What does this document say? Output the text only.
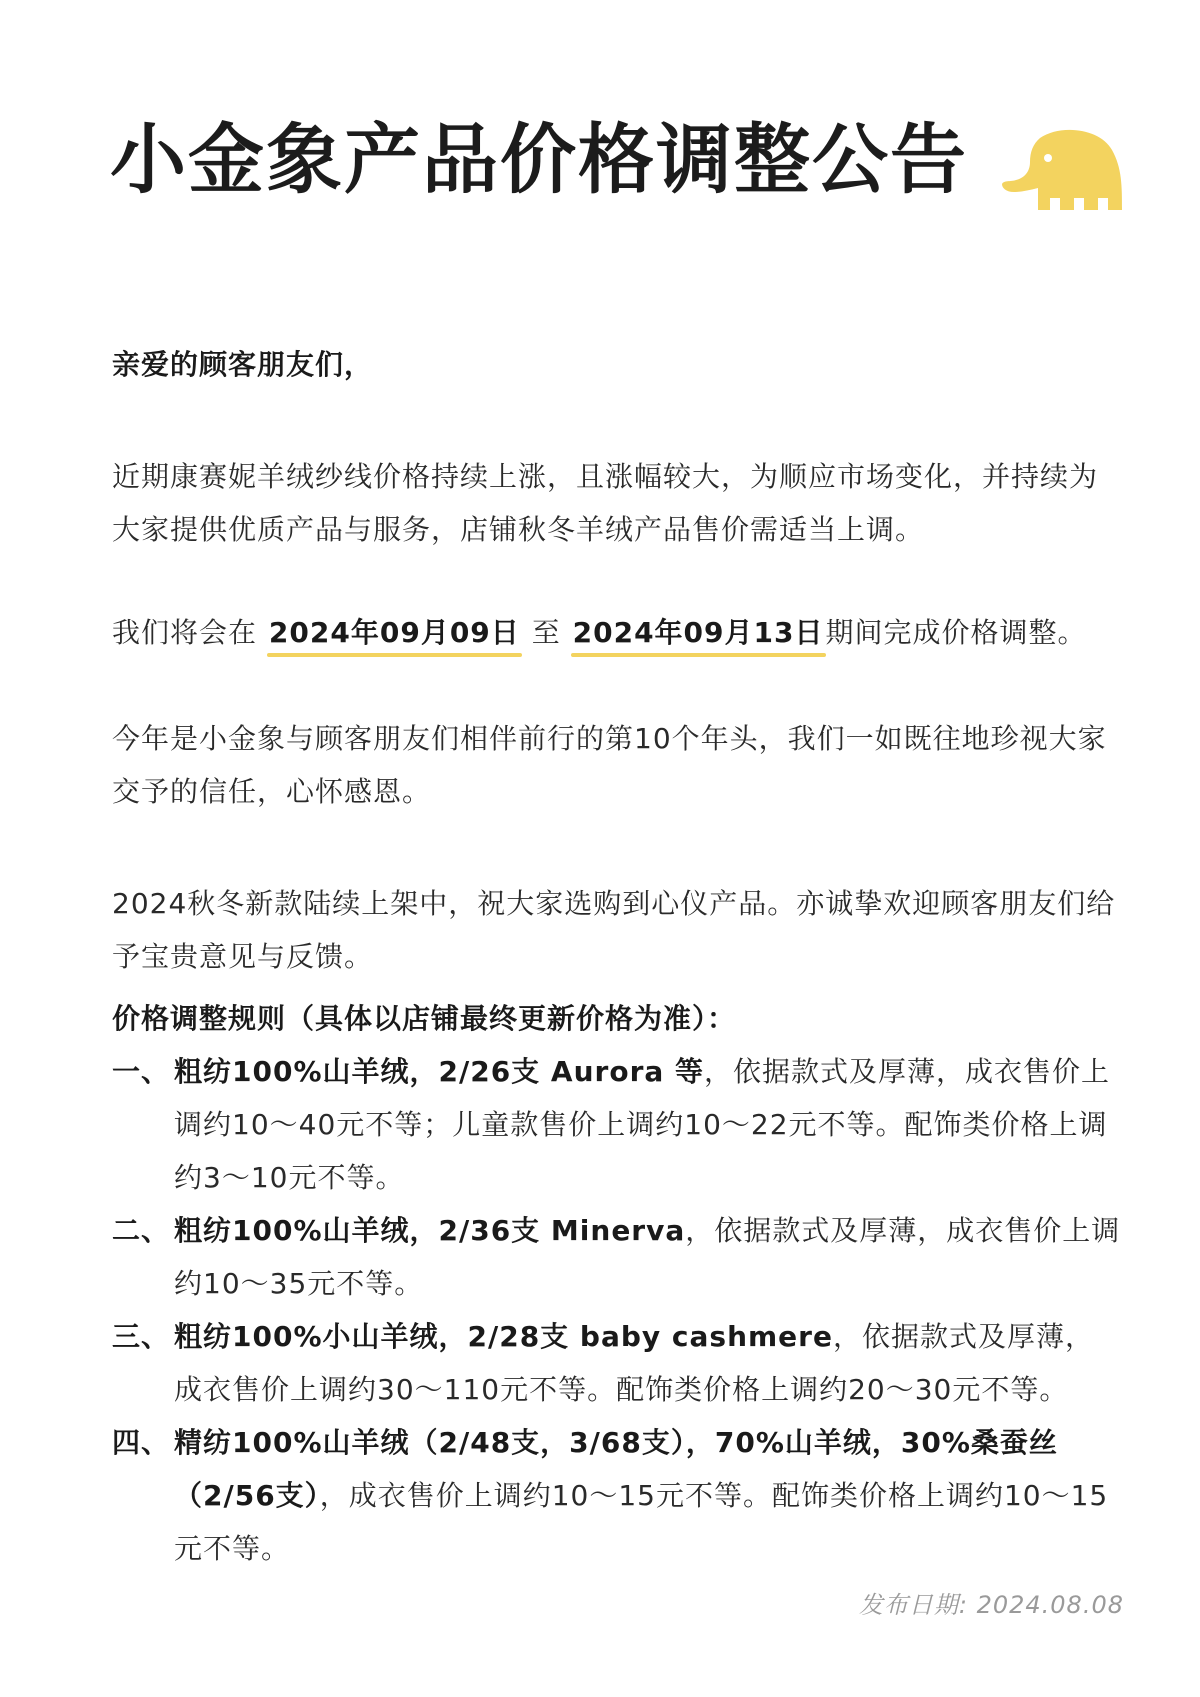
小金象产品价格调整公告
亲爱的顾客朋友们，
近期康赛妮羊绒纱线价格持续上涨，且涨幅较大，为顺应市场变化，并持续为大家提供优质产品与服务，店铺秋冬羊绒产品售价需适当上调。
我们将会在 2024年09月09日 至 2024年09月13日期间完成价格调整。
今年是小金象与顾客朋友们相伴前行的第10个年头，我们一如既往地珍视大家交予的信任，心怀感恩。
2024秋冬新款陆续上架中，祝大家选购到心仪产品。亦诚挚欢迎顾客朋友们给予宝贵意见与反馈。
价格调整规则（具体以店铺最终更新价格为准）：
一、 粗纺100%山羊绒，2/26支 Aurora 等，依据款式及厚薄，成衣售价上调约10～40元不等；儿童款售价上调约10～22元不等。配饰类价格上调约3～10元不等。
二、 粗纺100%山羊绒，2/36支 Minerva，依据款式及厚薄，成衣售价上调约10～35元不等。
三、 粗纺100%小山羊绒，2/28支 baby cashmere，依据款式及厚薄，成衣售价上调约30～110元不等。配饰类价格上调约20～30元不等。
四、 精纺100%山羊绒（2/48支，3/68支），70%山羊绒，30%桑蚕丝（2/56支），成衣售价上调约10～15元不等。配饰类价格上调约10～15元不等。
发布日期: 2024.08.08
